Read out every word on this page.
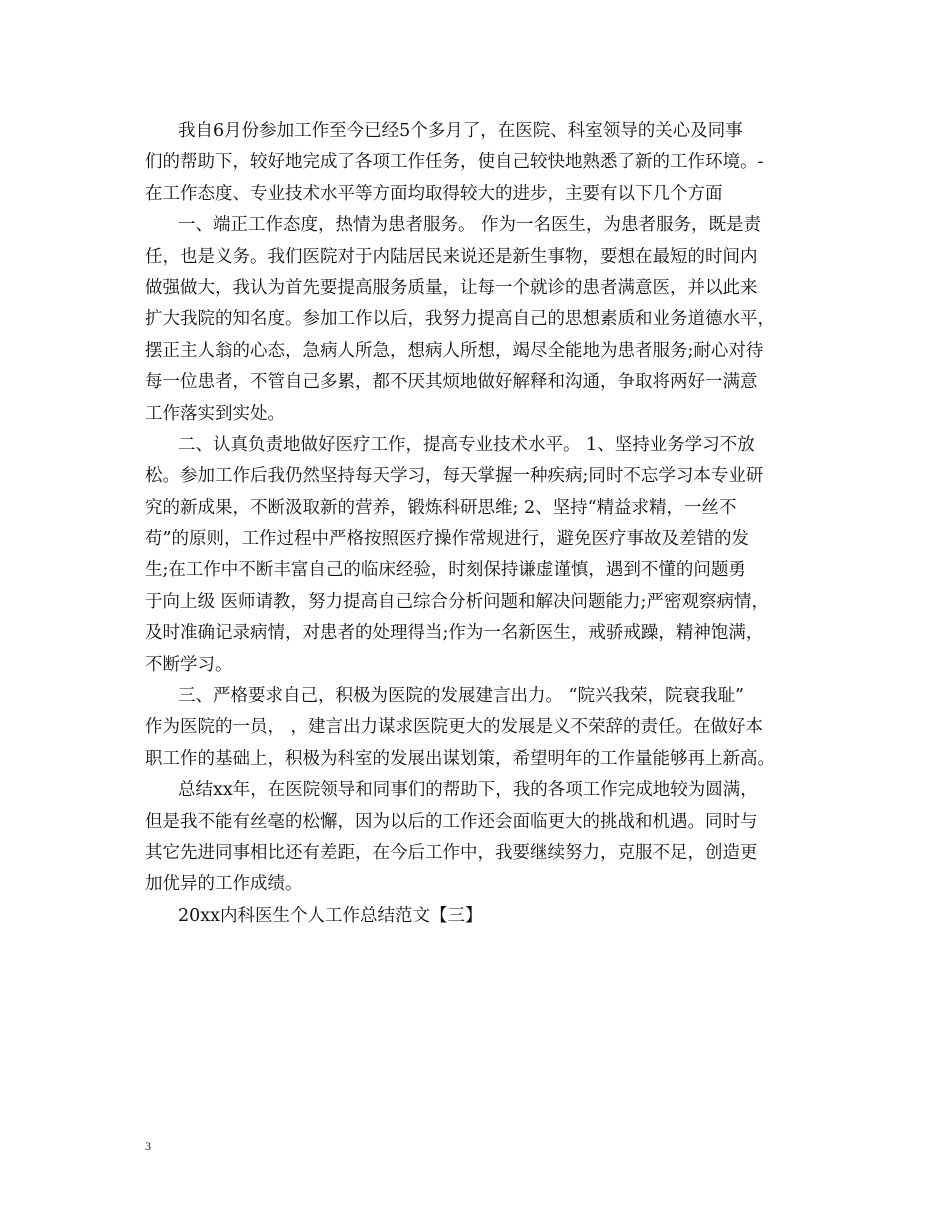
我自6月份参加工作至今已经5个多月了，在医院、科室领导的关心及同事
们的帮助下，较好地完成了各项工作任务，使自己较快地熟悉了新的工作环境。-
在工作态度、专业技术水平等方面均取得较大的进步，主要有以下几个方面
一、端正工作态度，热情为患者服务。 作为一名医生，为患者服务，既是责
任，也是义务。我们医院对于内陆居民来说还是新生事物，要想在最短的时间内
做强做大，我认为首先要提高服务质量，让每一个就诊的患者满意医，并以此来
扩大我院的知名度。参加工作以后，我努力提高自己的思想素质和业务道德水平，
摆正主人翁的心态，急病人所急，想病人所想，竭尽全能地为患者服务;耐心对待
每一位患者，不管自己多累，都不厌其烦地做好解释和沟通，争取将两好一满意
工作落实到实处。
二、认真负责地做好医疗工作，提高专业技术水平。 1、坚持业务学习不放
松。参加工作后我仍然坚持每天学习，每天掌握一种疾病;同时不忘学习本专业研
究的新成果，不断汲取新的营养，锻炼科研思维; 2、坚持“精益求精，一丝不
苟”的原则，工作过程中严格按照医疗操作常规进行，避免医疗事故及差错的发
生;在工作中不断丰富自己的临床经验，时刻保持谦虚谨慎，遇到不懂的问题勇
于向上级 医师请教，努力提高自己综合分析问题和解决问题能力;严密观察病情，
及时准确记录病情，对患者的处理得当;作为一名新医生，戒骄戒躁，精神饱满，
不断学习。
三、严格要求自己，积极为医院的发展建言出力。 “院兴我荣，院衰我耻”
作为医院的一员， ，建言出力谋求医院更大的发展是义不荣辞的责任。在做好本
职工作的基础上，积极为科室的发展出谋划策，希望明年的工作量能够再上新高。
总结xx年，在医院领导和同事们的帮助下，我的各项工作完成地较为圆满，
但是我不能有丝毫的松懈，因为以后的工作还会面临更大的挑战和机遇。同时与
其它先进同事相比还有差距，在今后工作中，我要继续努力，克服不足，创造更
加优异的工作成绩。
20xx内科医生个人工作总结范文【三】
3
